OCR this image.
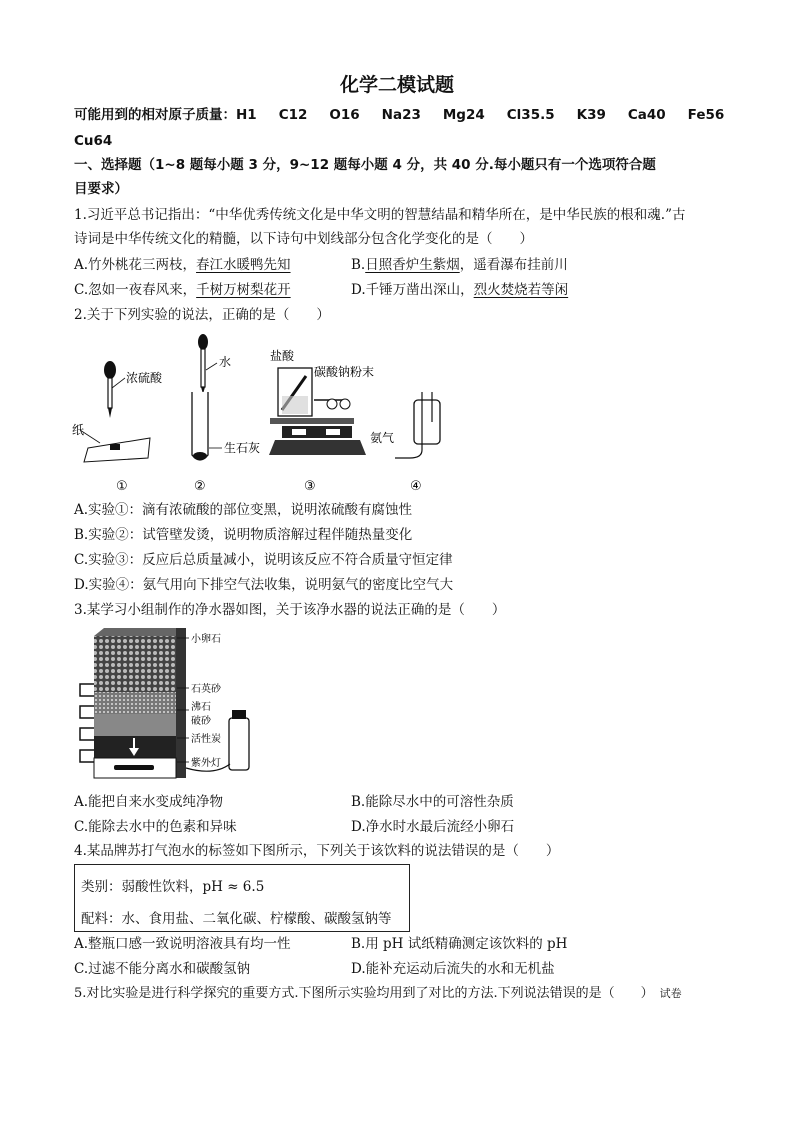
化学二模试题
可能用到的相对原子质量：H1 C12 O16 Na23 Mg24 Cl35.5 K39 Ca40 Fe56
Cu64
一、选择题（1~8 题每小题 3 分，9~12 题每小题 4 分，共 40 分.每小题只有一个选项符合题
目要求）
1.习近平总书记指出：“中华优秀传统文化是中华文明的智慧结晶和精华所在，是中华民族的根和魂.”古
诗词是中华传统文化的精髓，以下诗句中划线部分包含化学变化的是（　　）
A.竹外桃花三两枝，春江水暖鸭先知	B.日照香炉生紫烟，遥看瀑布挂前川
C.忽如一夜春风来，千树万树梨花开	D.千锤万凿出深山，烈火焚烧若等闲
2.关于下列实验的说法，正确的是（　　）
浓硫酸
纸
水
生石灰
盐酸
碳酸钠粉末
氨气
①	②	③	④
A.实验①：滴有浓硫酸的部位变黑，说明浓硫酸有腐蚀性
B.实验②：试管壁发烫，说明物质溶解过程伴随热量变化
C.实验③：反应后总质量减小，说明该反应不符合质量守恒定律
D.实验④：氨气用向下排空气法收集，说明氨气的密度比空气大
3.某学习小组制作的净水器如图，关于该净水器的说法正确的是（　　）
小卵石
石英砂
沸石
破砂
活性炭
紫外灯
A.能把自来水变成纯净物	B.能除尽水中的可溶性杂质
C.能除去水中的色素和异味	D.净水时水最后流经小卵石
4.某品牌苏打气泡水的标签如下图所示，下列关于该饮料的说法错误的是（　　）
类别：弱酸性饮料，pH ≈ 6.5
配料：水、食用盐、二氧化碳、柠檬酸、碳酸氢钠等
A.整瓶口感一致说明溶液具有均一性	B.用 pH 试纸精确测定该饮料的 pH
C.过滤不能分离水和碳酸氢钠	D.能补充运动后流失的水和无机盐
5.对比实验是进行科学探究的重要方式.下图所示实验均用到了对比的方法.下列说法错误的是（　　） 试卷
